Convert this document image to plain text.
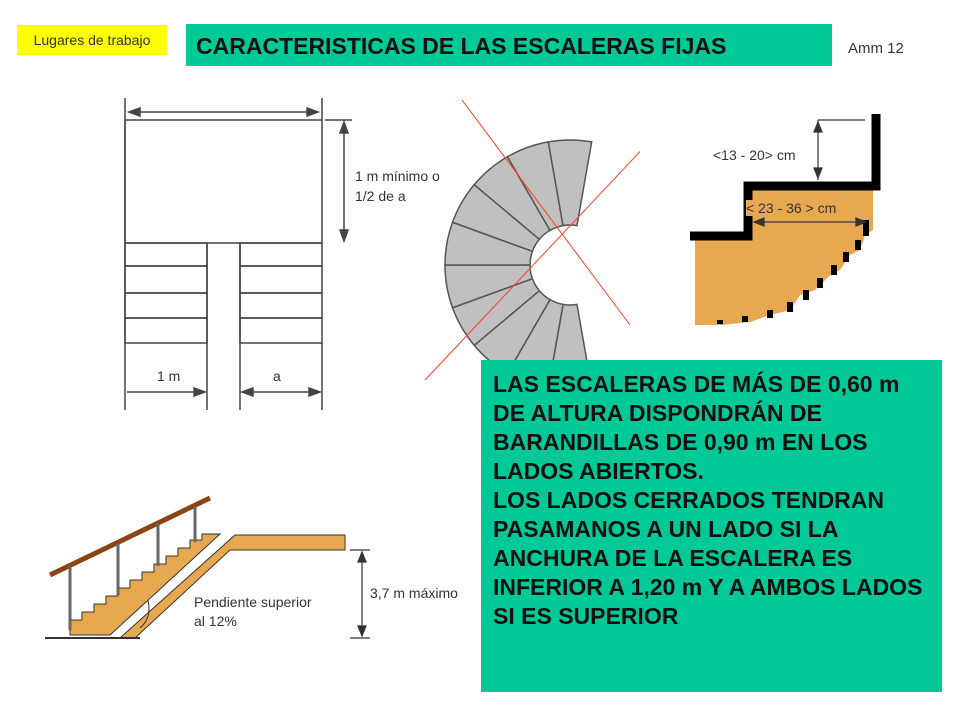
Lugares de trabajo	CARACTERISTICAS DE LAS ESCALERAS FIJAS	Amm 12
1 m mínimo o
1/2 de a
1 m	a
<13 - 20> cm
< 23 - 36 > cm
Pendiente superior
al 12%
3,7 m máximo
LAS ESCALERAS DE MÁS DE 0,60 m DE ALTURA DISPONDRÁN DE BARANDILLAS DE 0,90 m EN LOS LADOS ABIERTOS.
LOS LADOS CERRADOS TENDRAN PASAMANOS A UN LADO SI LA ANCHURA DE LA ESCALERA ES INFERIOR A 1,20 m Y A AMBOS LADOS SI ES SUPERIOR
